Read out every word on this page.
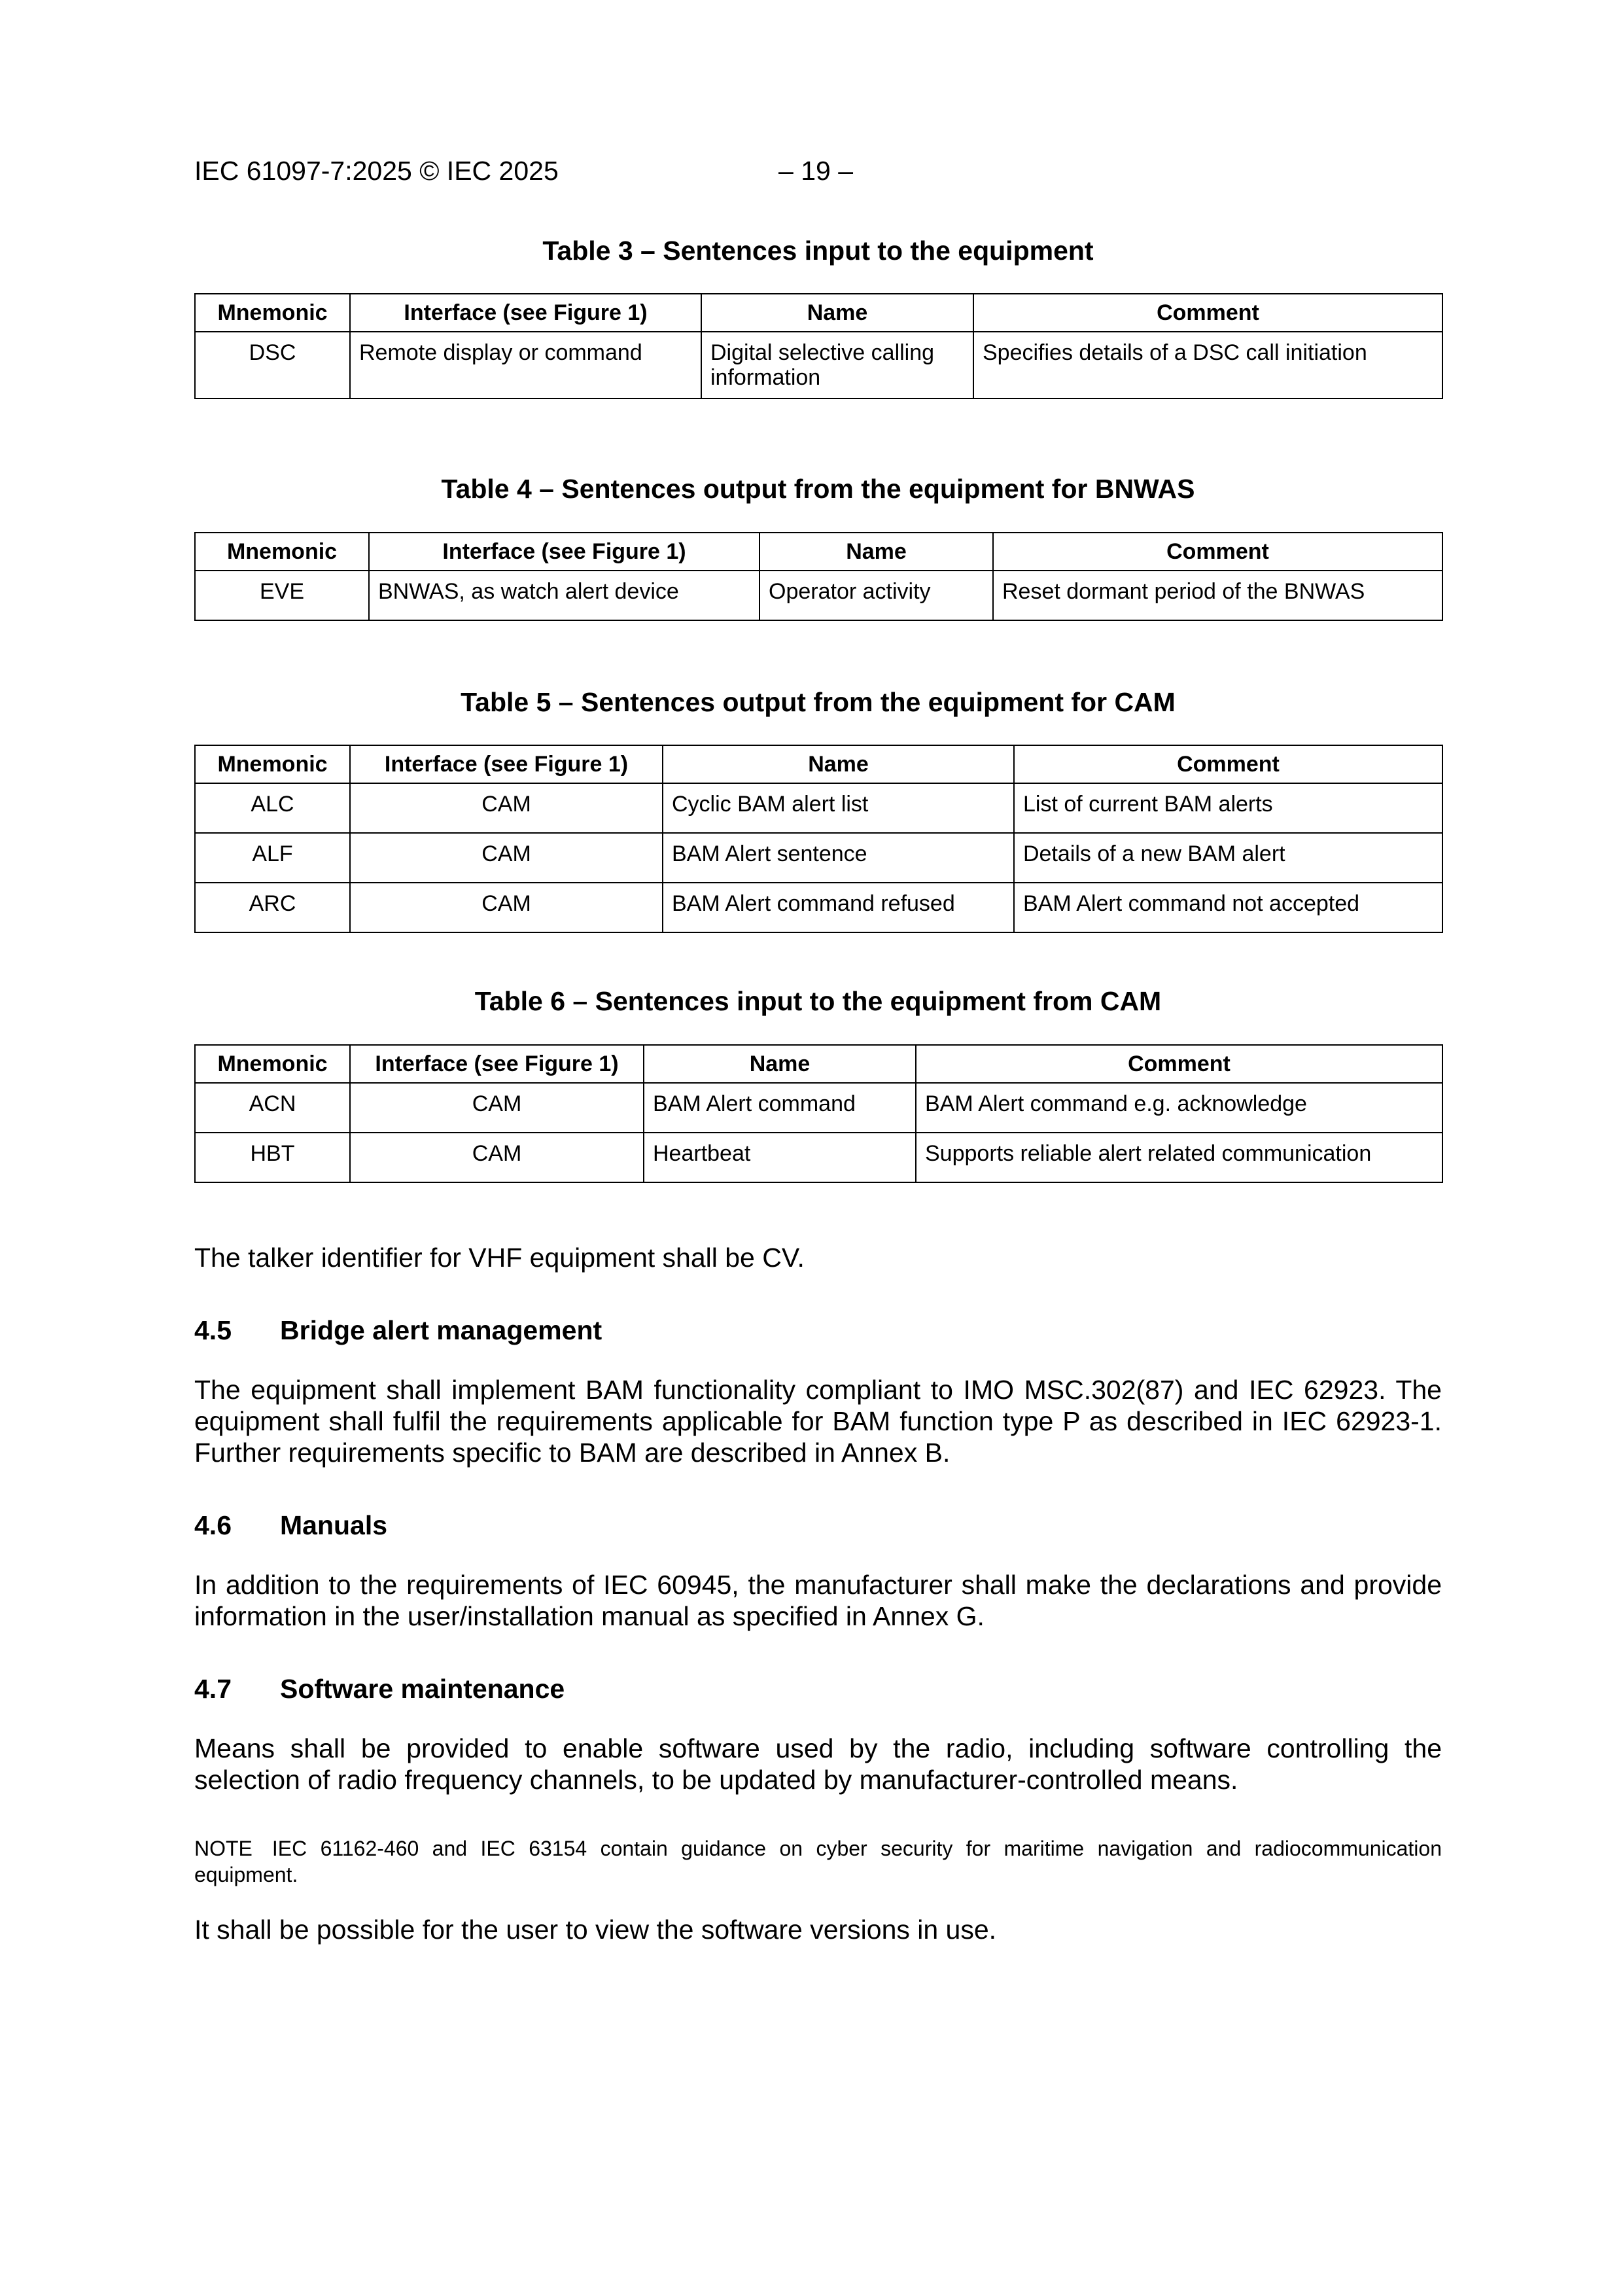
IEC 61097-7:2025 © IEC 2025	– 19 –
Table 3 – Sentences input to the equipment
Mnemonic	Interface (see Figure 1)	Name	Comment
DSC	Remote display or command	Digital selective calling information	Specifies details of a DSC call initiation
Table 4 – Sentences output from the equipment for BNWAS
Mnemonic	Interface (see Figure 1)	Name	Comment
EVE	BNWAS, as watch alert device	Operator activity	Reset dormant period of the BNWAS
Table 5 – Sentences output from the equipment for CAM
Mnemonic	Interface (see Figure 1)	Name	Comment
ALC	CAM	Cyclic BAM alert list	List of current BAM alerts
ALF	CAM	BAM Alert sentence	Details of a new BAM alert
ARC	CAM	BAM Alert command refused	BAM Alert command not accepted
Table 6 – Sentences input to the equipment from CAM
Mnemonic	Interface (see Figure 1)	Name	Comment
ACN	CAM	BAM Alert command	BAM Alert command e.g. acknowledge
HBT	CAM	Heartbeat	Supports reliable alert related communication
The talker identifier for VHF equipment shall be CV.
4.5 Bridge alert management
The equipment shall implement BAM functionality compliant to IMO MSC.302(87) and IEC 62923. The equipment shall fulfil the requirements applicable for BAM function type P as described in IEC 62923-1. Further requirements specific to BAM are described in Annex B.
4.6 Manuals
In addition to the requirements of IEC 60945, the manufacturer shall make the declarations and provide information in the user/installation manual as specified in Annex G.
4.7 Software maintenance
Means shall be provided to enable software used by the radio, including software controlling the selection of radio frequency channels, to be updated by manufacturer-controlled means.
NOTE IEC 61162-460 and IEC 63154 contain guidance on cyber security for maritime navigation and radiocommunication equipment.
It shall be possible for the user to view the software versions in use.
